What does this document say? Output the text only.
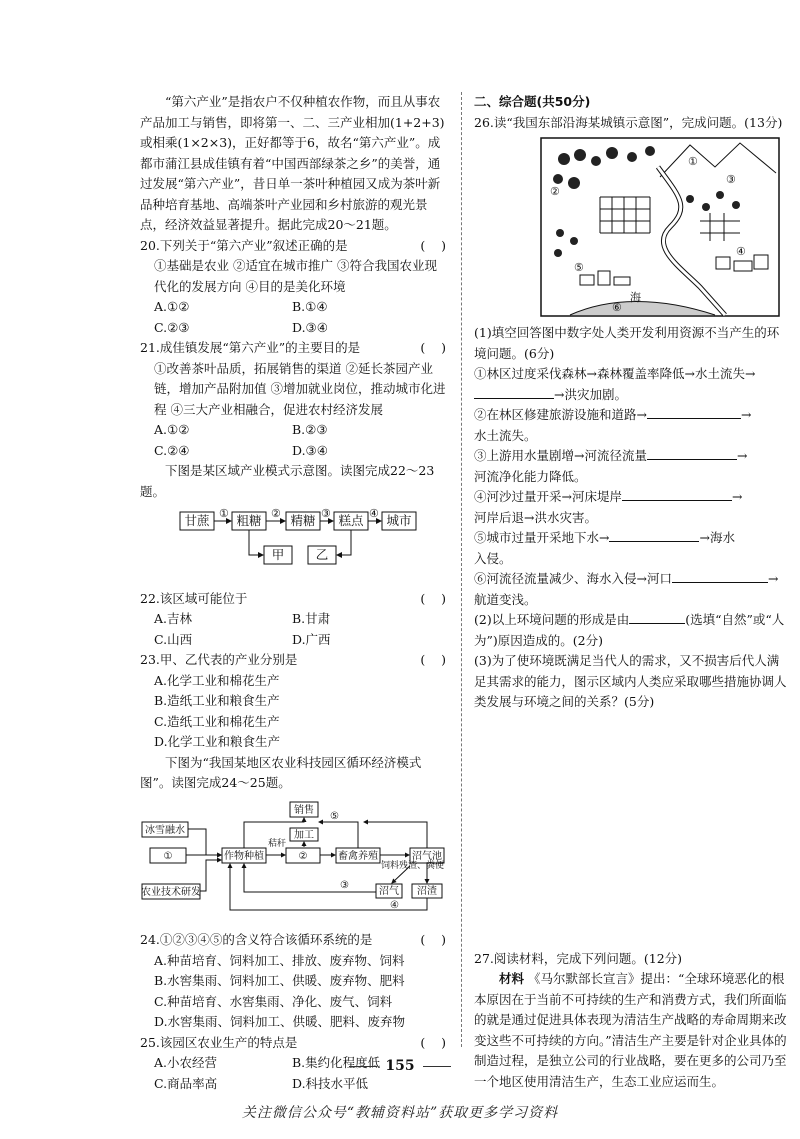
“第六产业”是指农户不仅种植农作物，而且从事农产品加工与销售，即将第一、二、三产业相加(1+2+3)或相乘(1×2×3)，正好都等于6，故名“第六产业”。成都市蒲江县成佳镇有着“中国西部绿茶之乡”的美誉，通过发展“第六产业”，昔日单一茶叶种植园又成为茶叶新品种培育基地、高端茶叶产业园和乡村旅游的观光景点，经济效益显著提升。据此完成20～21题。

20.下列关于“第六产业”叙述正确的是	(    )

①基础是农业 ②适宜在城市推广 ③符合我国农业现代化的发展方向 ④目的是美化环境

A.①②	B.①④
C.②③	D.③④
21.成佳镇发展“第六产业”的主要目的是	(    )

①改善茶叶品质，拓展销售的渠道 ②延长茶园产业链，增加产品附加值 ③增加就业岗位，推动城市化进程 ④三大产业相融合，促进农村经济发展

A.①②	B.②③
C.②④	D.③④

下图是某区域产业模式示意图。读图完成22～23题。

甘蔗 粗糖 精糖 糕点 城市
①	②	③	④
甲	乙
22.该区域可能位于	(    )
A.吉林	B.甘肃
C.山西	D.广西
23.甲、乙代表的产业分别是	(    )

A.化学工业和棉花生产

B.造纸工业和粮食生产

C.造纸工业和棉花生产

D.化学工业和粮食生产

下图为“我国某地区农业科技园区循环经济模式图”。读图完成24～25题。

销售
冰雪融水
①	作物种植	②
加工
畜禽养殖	沼气池
农业技术研发	沼气 沼渣
秸秆
⑤
饲料残渣、粪便
③
④
24.①②③④⑤的含义符合该循环系统的是	(    )

A.种苗培育、饲料加工、排放、废弃物、饲料

B.水窖集雨、饲料加工、供暖、废弃物、肥料

C.种苗培育、水窖集雨、净化、废气、饲料

D.水窖集雨、饲料加工、供暖、肥料、废弃物

25.该园区农业生产的特点是	(    )
A.小农经营	B.集约化程度低
C.商品率高	D.科技水平低

二、综合题(共50分)

26.读“我国东部沿海某城镇示意图”，完成问题。(13分)

①
②
③
④
⑤
⑥
海

(1)填空回答图中数字处人类开发利用资源不当产生的环境问题。(6分)

①林区过度采伐森林→森林覆盖率降低→水土流失→

→洪灾加剧。

②在林区修建旅游设施和道路→	→

水土流失。

③上游用水量剧增→河流径流量	→

河流净化能力降低。

④河沙过量开采→河床堤岸	→

河岸后退→洪水灾害。

⑤城市过量开采地下水→	→海水

入侵。

⑥河流径流量减少、海水入侵→河口	→

航道变浅。

(2)以上环境问题的形成是由	(选填“自然”或“人为”)原因造成的。(2分)

(3)为了使环境既满足当代人的需求，又不损害后代人满足其需求的能力，图示区域内人类应采取哪些措施协调人类发展与环境之间的关系？(5分)

27.阅读材料，完成下列问题。(12分)

材料 《马尔默部长宣言》提出：“全球环境恶化的根本原因在于当前不可持续的生产和消费方式，我们所面临的就是通过促进具体表现为清洁生产战略的寿命周期来改变这些不可持续的方向。”清洁生产主要是针对企业具体的制造过程，是独立公司的行业战略，要在更多的公司乃至一个地区使用清洁生产，生态工业应运而生。

155
关注微信公众号“教辅资料站”获取更多学习资料
